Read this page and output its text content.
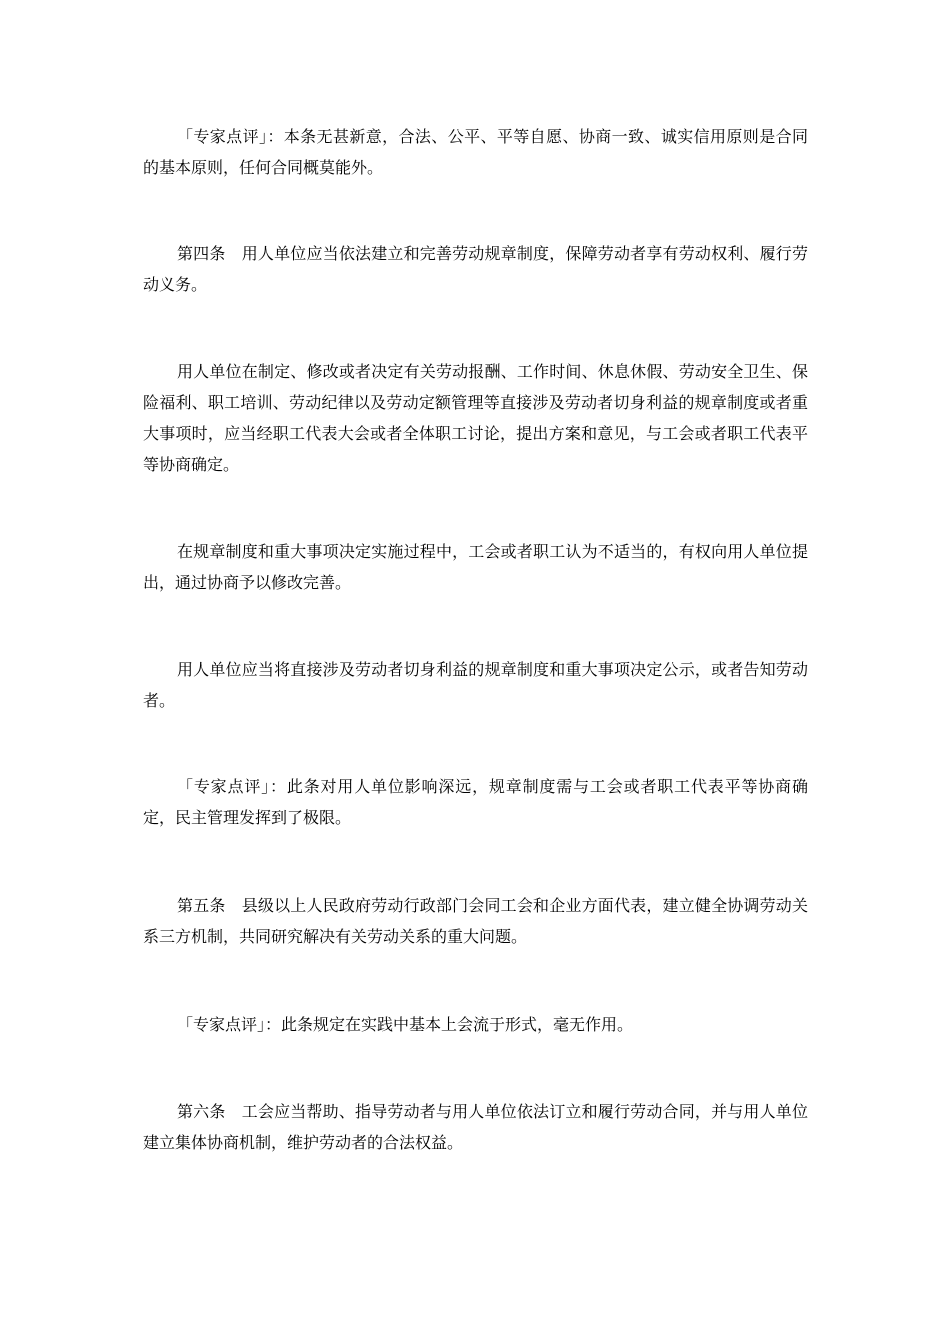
「专家点评」：本条无甚新意，合法、公平、平等自愿、协商一致、诚实信用原则是合同的基本原则，任何合同概莫能外。

第四条　用人单位应当依法建立和完善劳动规章制度，保障劳动者享有劳动权利、履行劳动义务。

用人单位在制定、修改或者决定有关劳动报酬、工作时间、休息休假、劳动安全卫生、保险福利、职工培训、劳动纪律以及劳动定额管理等直接涉及劳动者切身利益的规章制度或者重大事项时，应当经职工代表大会或者全体职工讨论，提出方案和意见，与工会或者职工代表平等协商确定。

在规章制度和重大事项决定实施过程中，工会或者职工认为不适当的，有权向用人单位提出，通过协商予以修改完善。

用人单位应当将直接涉及劳动者切身利益的规章制度和重大事项决定公示，或者告知劳动者。

「专家点评」：此条对用人单位影响深远，规章制度需与工会或者职工代表平等协商确定，民主管理发挥到了极限。

第五条　县级以上人民政府劳动行政部门会同工会和企业方面代表，建立健全协调劳动关系三方机制，共同研究解决有关劳动关系的重大问题。

「专家点评」：此条规定在实践中基本上会流于形式，毫无作用。

第六条　工会应当帮助、指导劳动者与用人单位依法订立和履行劳动合同，并与用人单位建立集体协商机制，维护劳动者的合法权益。
